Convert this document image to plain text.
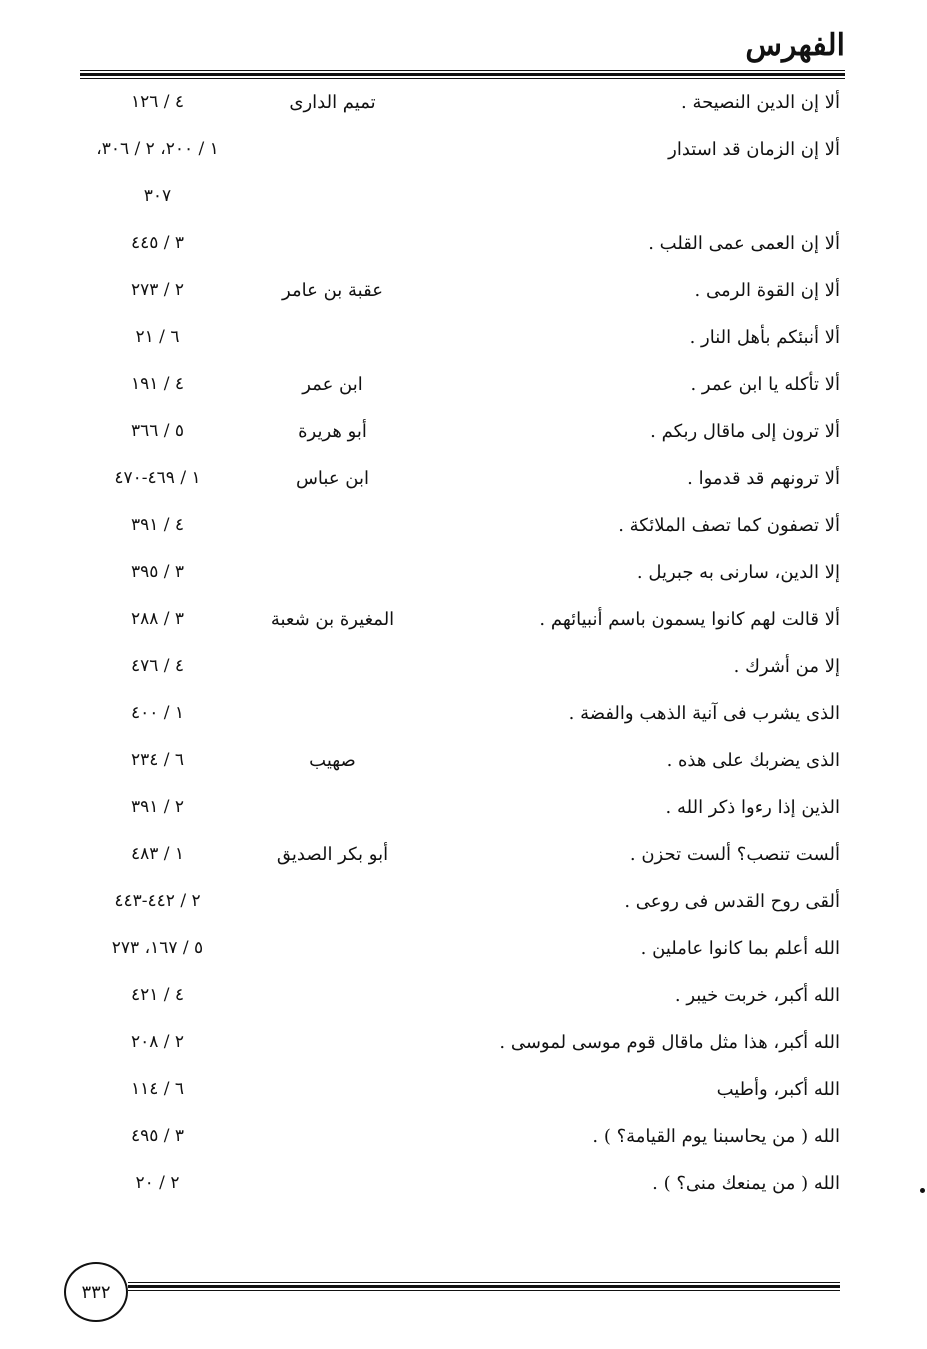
الفهرس
ألا إن الدين النصيحة .
تميم الدارى
٤ / ١٢٦
ألا إن الزمان قد استدار
١ / ٢٠٠، ٢ / ٣٠٦،
٣٠٧
ألا إن العمى عمى القلب .
٣ / ٤٤٥
ألا إن القوة الرمى .
عقبة بن عامر
٢ / ٢٧٣
ألا أنبئكم بأهل النار .
٦ / ٢١
ألا تأكله يا ابن عمر .
ابن عمر
٤ / ١٩١
ألا ترون إلى ماقال ربكم .
أبو هريرة
٥ / ٣٦٦
ألا ترونهم قد قدموا .
ابن عباس
١ / ٤٦٩-٤٧٠
ألا تصفون كما تصف الملائكة .
٤ / ٣٩١
إلا الدين، سارنى به جبريل .
٣ / ٣٩٥
ألا قالت لهم كانوا يسمون باسم أنبيائهم .
المغيرة بن شعبة
٣ / ٢٨٨
إلا من أشرك .
٤ / ٤٧٦
الذى يشرب فى آنية الذهب والفضة .
١ / ٤٠٠
الذى يضربك على هذه .
صهيب
٦ / ٢٣٤
الذين إذا رءوا ذكر الله .
٢ / ٣٩١
ألست تنصب؟ ألست تحزن .
أبو بكر الصديق
١ / ٤٨٣
ألقى روح القدس فى روعى .
٢ / ٤٤٢-٤٤٣
الله أعلم بما كانوا عاملين .
٥ / ١٦٧، ٢٧٣
الله أكبر، خربت خيبر .
٤ / ٤٢١
الله أكبر، هذا مثل ماقال قوم موسى لموسى .
٢ / ٢٠٨
الله أكبر، وأطيب
٦ / ١١٤
الله ( من يحاسبنا يوم القيامة؟ ) .
٣ / ٤٩٥
الله ( من يمنعك منى؟ ) .
٢ / ٢٠
٣٣٢
